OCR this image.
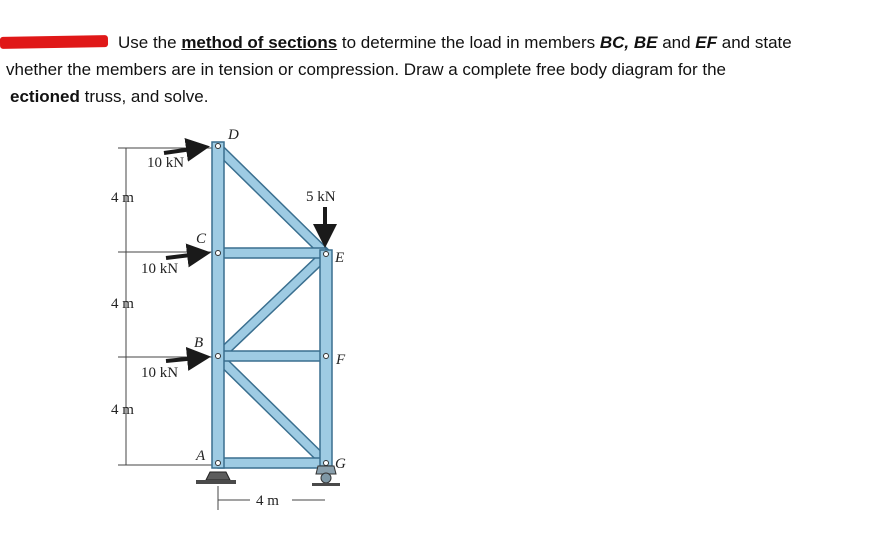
Use the method of sections to determine the load in members BC, BE and EF and state
vhether the members are in tension or compression. Draw a complete free body diagram for the
ectioned truss, and solve.
10 kN
10 kN
10 kN
5 kN
4 m
4 m
4 m
4 m
D
C
B
A
E
F
G
